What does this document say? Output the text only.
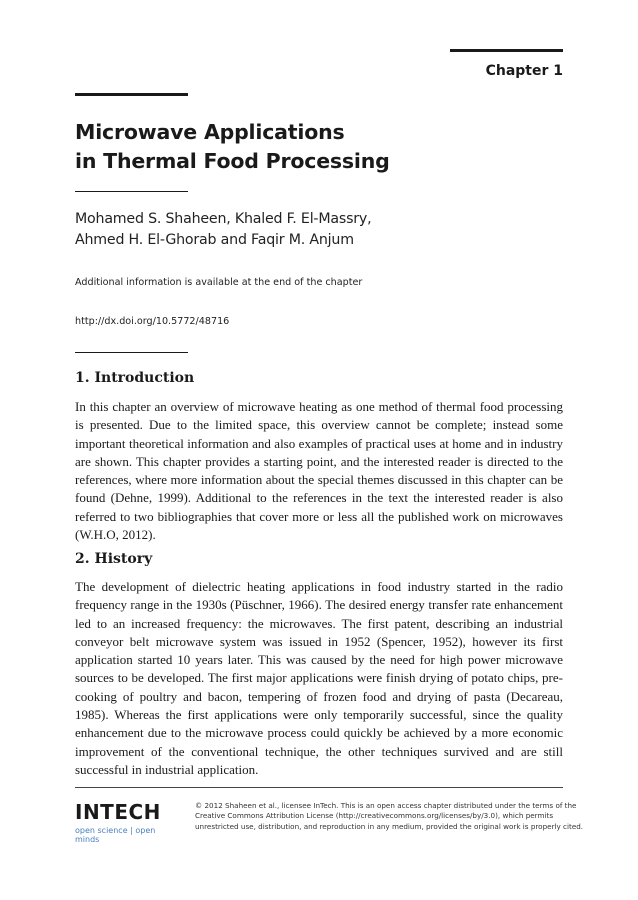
Chapter 1
Microwave Applications
in Thermal Food Processing
Mohamed S. Shaheen, Khaled F. El-Massry,
Ahmed H. El-Ghorab and Faqir M. Anjum
Additional information is available at the end of the chapter
http://dx.doi.org/10.5772/48716
1. Introduction

In this chapter an overview of microwave heating as one method of thermal food processing is presented. Due to the limited space, this overview cannot be complete; instead some important theoretical information and also examples of practical uses at home and in industry are shown. This chapter provides a starting point, and the interested reader is directed to the references, where more information about the special themes discussed in this chapter can be found (Dehne, 1999). Additional to the references in the text the interested reader is also referred to two bibliographies that cover more or less all the published work on microwaves (W.H.O, 2012).

2. History

The development of dielectric heating applications in food industry started in the radio frequency range in the 1930s (Püschner, 1966). The desired energy transfer rate enhancement led to an increased frequency: the microwaves. The first patent, describing an industrial conveyor belt microwave system was issued in 1952 (Spencer, 1952), however its first application started 10 years later. This was caused by the need for high power microwave sources to be developed. The first major applications were finish drying of potato chips, pre-cooking of poultry and bacon, tempering of frozen food and drying of pasta (Decareau, 1985). Whereas the first applications were only temporarily successful, since the quality enhancement due to the microwave process could quickly be achieved by a more economic improvement of the conventional technique, the other techniques survived and are still successful in industrial application.

INTECH
open science | open minds
© 2012 Shaheen et al., licensee InTech. This is an open access chapter distributed under the terms of the
Creative Commons Attribution License (http://creativecommons.org/licenses/by/3.0), which permits
unrestricted use, distribution, and reproduction in any medium, provided the original work is properly cited.
